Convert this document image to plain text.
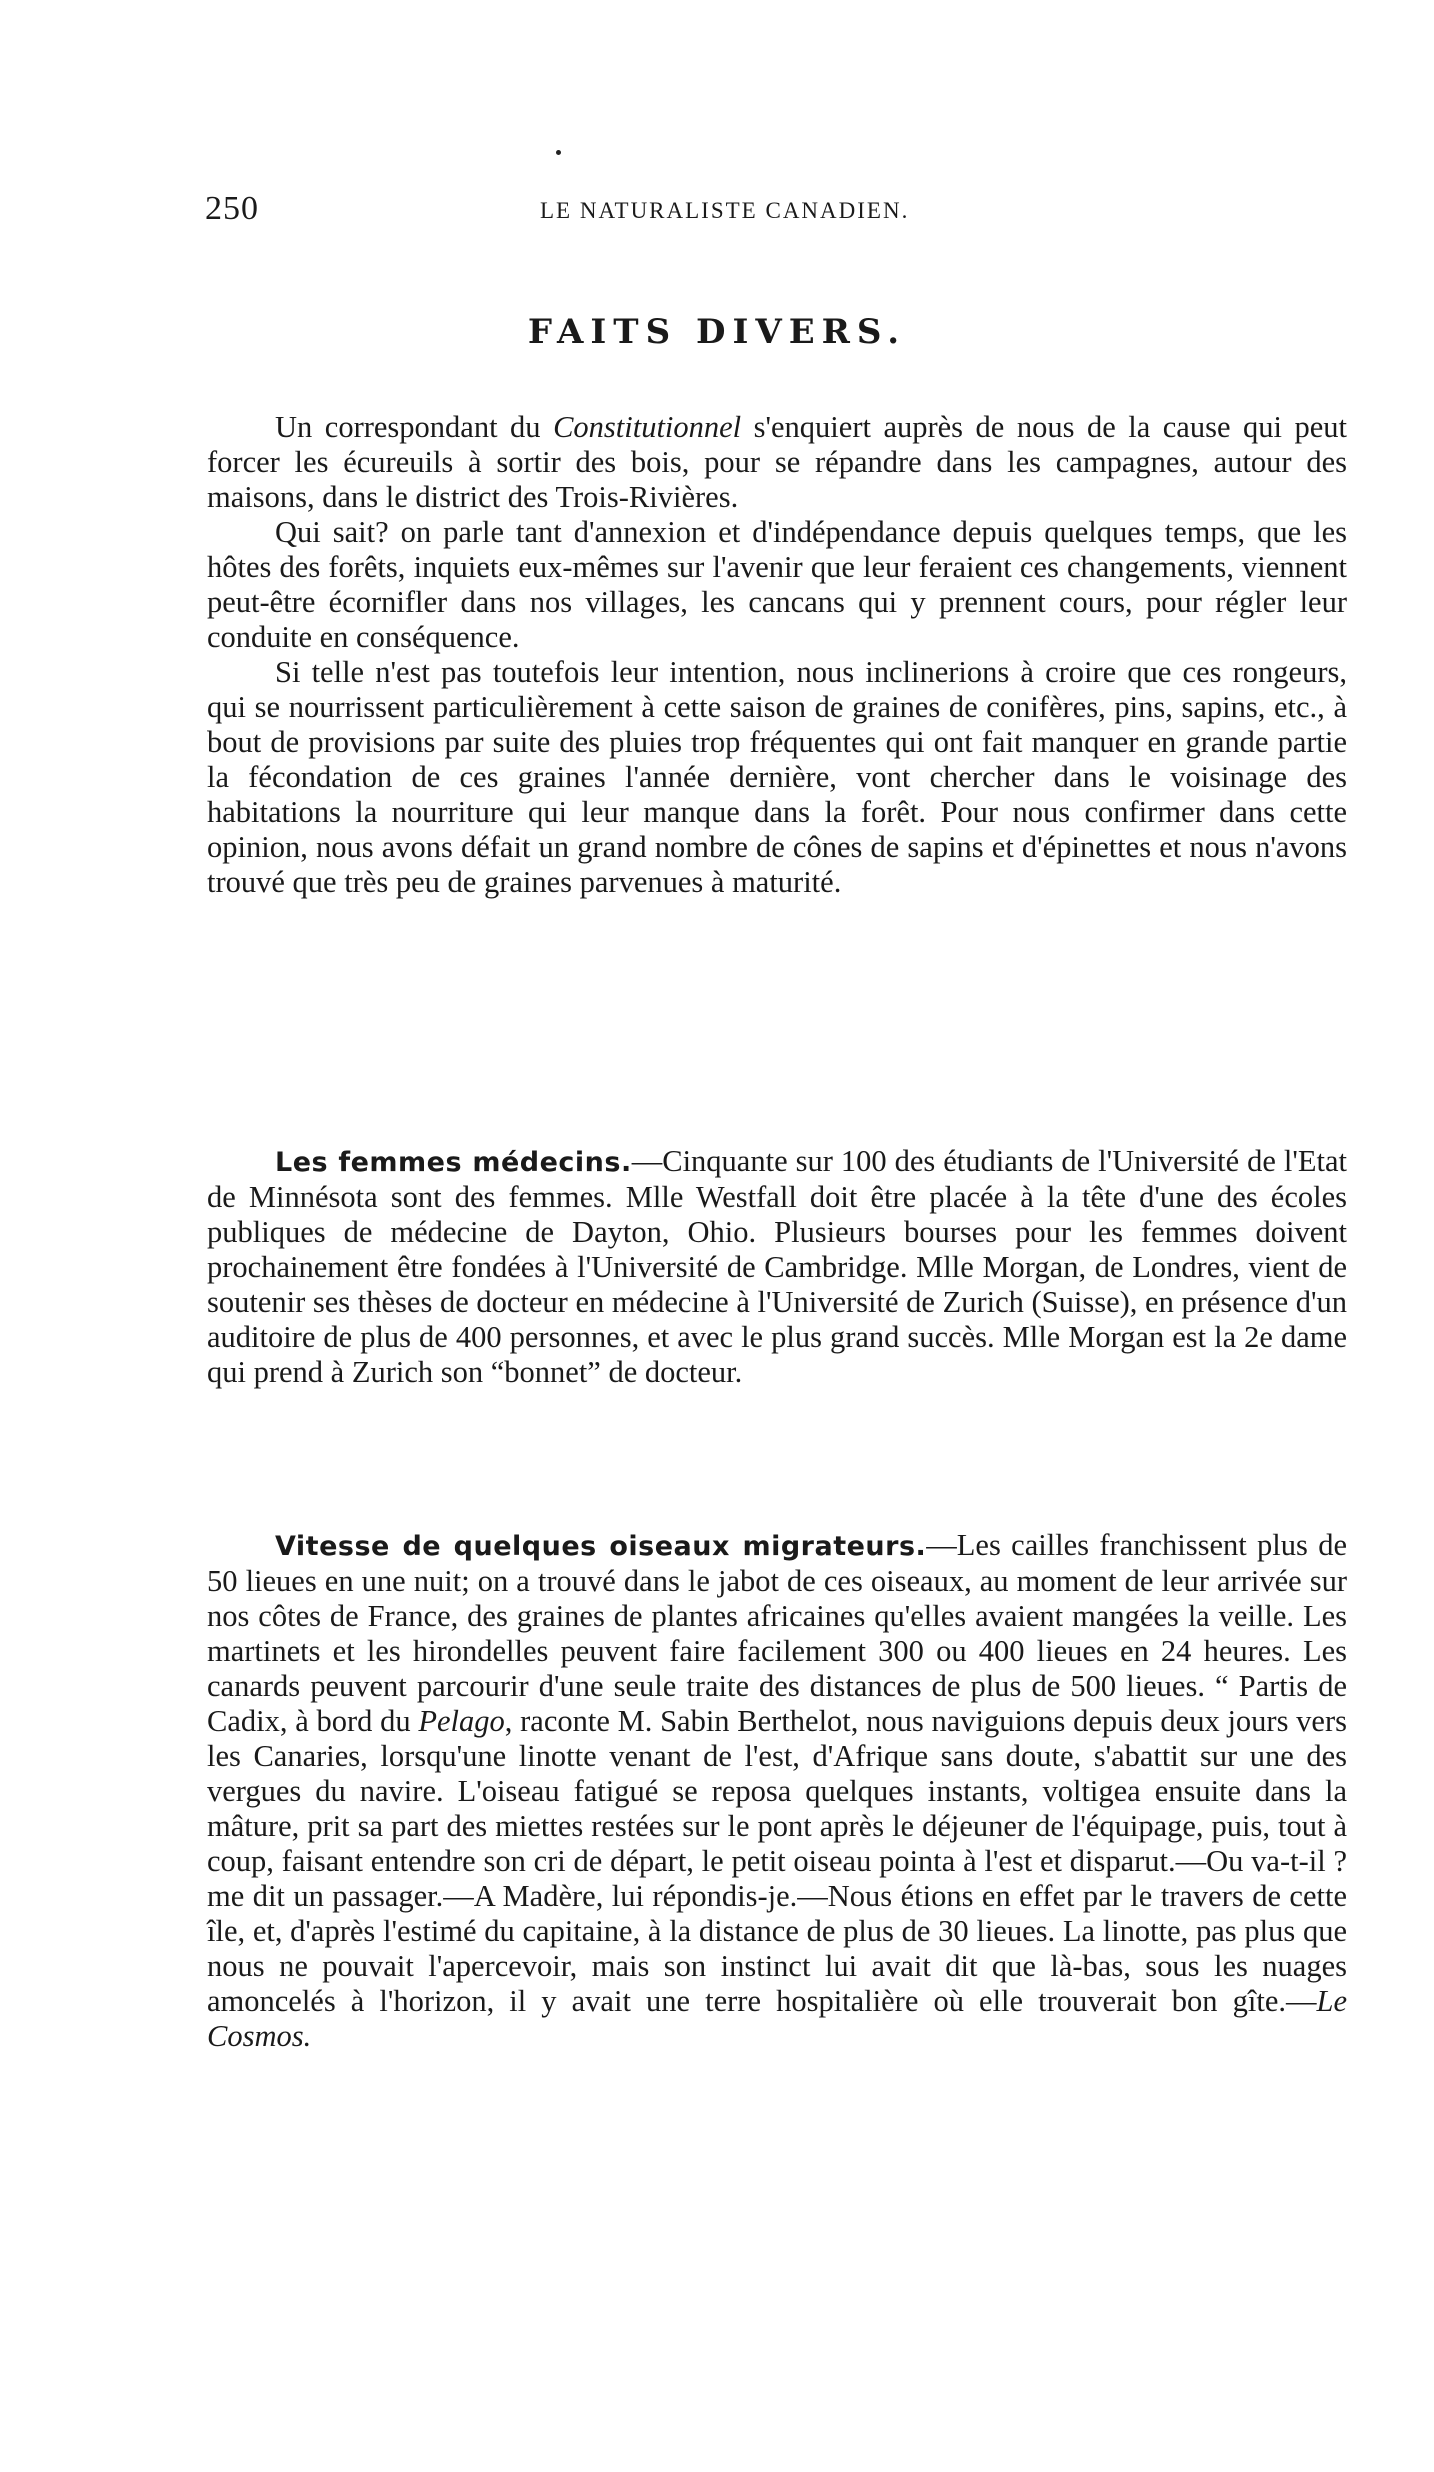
250	LE NATURALISTE CANADIEN.
FAITS DIVERS.

Un correspondant du Constitutionnel s'enquiert auprès de nous de la cause qui peut forcer les écureuils à sortir des bois, pour se répandre dans les campagnes, autour des maisons, dans le district des Trois-Rivières.

Qui sait? on parle tant d'annexion et d'indépendance depuis quelques temps, que les hôtes des forêts, inquiets eux-mêmes sur l'avenir que leur feraient ces changements, viennent peut-être écornifler dans nos villages, les cancans qui y prennent cours, pour régler leur conduite en conséquence.

Si telle n'est pas toutefois leur intention, nous inclinerions à croire que ces rongeurs, qui se nourrissent particulièrement à cette saison de graines de conifères, pins, sapins, etc., à bout de provisions par suite des pluies trop fréquentes qui ont fait manquer en grande partie la fécondation de ces graines l'année dernière, vont chercher dans le voisinage des habitations la nourriture qui leur manque dans la forêt. Pour nous confirmer dans cette opinion, nous avons défait un grand nombre de cônes de sapins et d'épinettes et nous n'avons trouvé que très peu de graines parvenues à maturité.

Les femmes médecins.—Cinquante sur 100 des étudiants de l'Université de l'Etat de Minnésota sont des femmes. Mlle Westfall doit être placée à la tête d'une des écoles publiques de médecine de Dayton, Ohio. Plusieurs bourses pour les femmes doivent prochainement être fondées à l'Université de Cambridge. Mlle Morgan, de Londres, vient de soutenir ses thèses de docteur en médecine à l'Université de Zurich (Suisse), en présence d'un auditoire de plus de 400 personnes, et avec le plus grand succès. Mlle Morgan est la 2e dame qui prend à Zurich son “bonnet” de docteur.

Vitesse de quelques oiseaux migrateurs.—Les cailles franchissent plus de 50 lieues en une nuit; on a trouvé dans le jabot de ces oiseaux, au moment de leur arrivée sur nos côtes de France, des graines de plantes africaines qu'elles avaient mangées la veille. Les martinets et les hirondelles peuvent faire facilement 300 ou 400 lieues en 24 heures. Les canards peuvent parcourir d'une seule traite des distances de plus de 500 lieues. “ Partis de Cadix, à bord du Pelago, raconte M. Sabin Berthelot, nous naviguions depuis deux jours vers les Canaries, lorsqu'une linotte venant de l'est, d'Afrique sans doute, s'abattit sur une des vergues du navire. L'oiseau fatigué se reposa quelques instants, voltigea ensuite dans la mâture, prit sa part des miettes restées sur le pont après le déjeuner de l'équipage, puis, tout à coup, faisant entendre son cri de départ, le petit oiseau pointa à l'est et disparut.—Ou va-t-il ? me dit un passager.—A Madère, lui répondis-je.—Nous étions en effet par le travers de cette île, et, d'après l'estimé du capitaine, à la distance de plus de 30 lieues. La linotte, pas plus que nous ne pouvait l'apercevoir, mais son instinct lui avait dit que là-bas, sous les nuages amoncelés à l'horizon, il y avait une terre hospitalière où elle trouverait bon gîte.—Le Cosmos.
